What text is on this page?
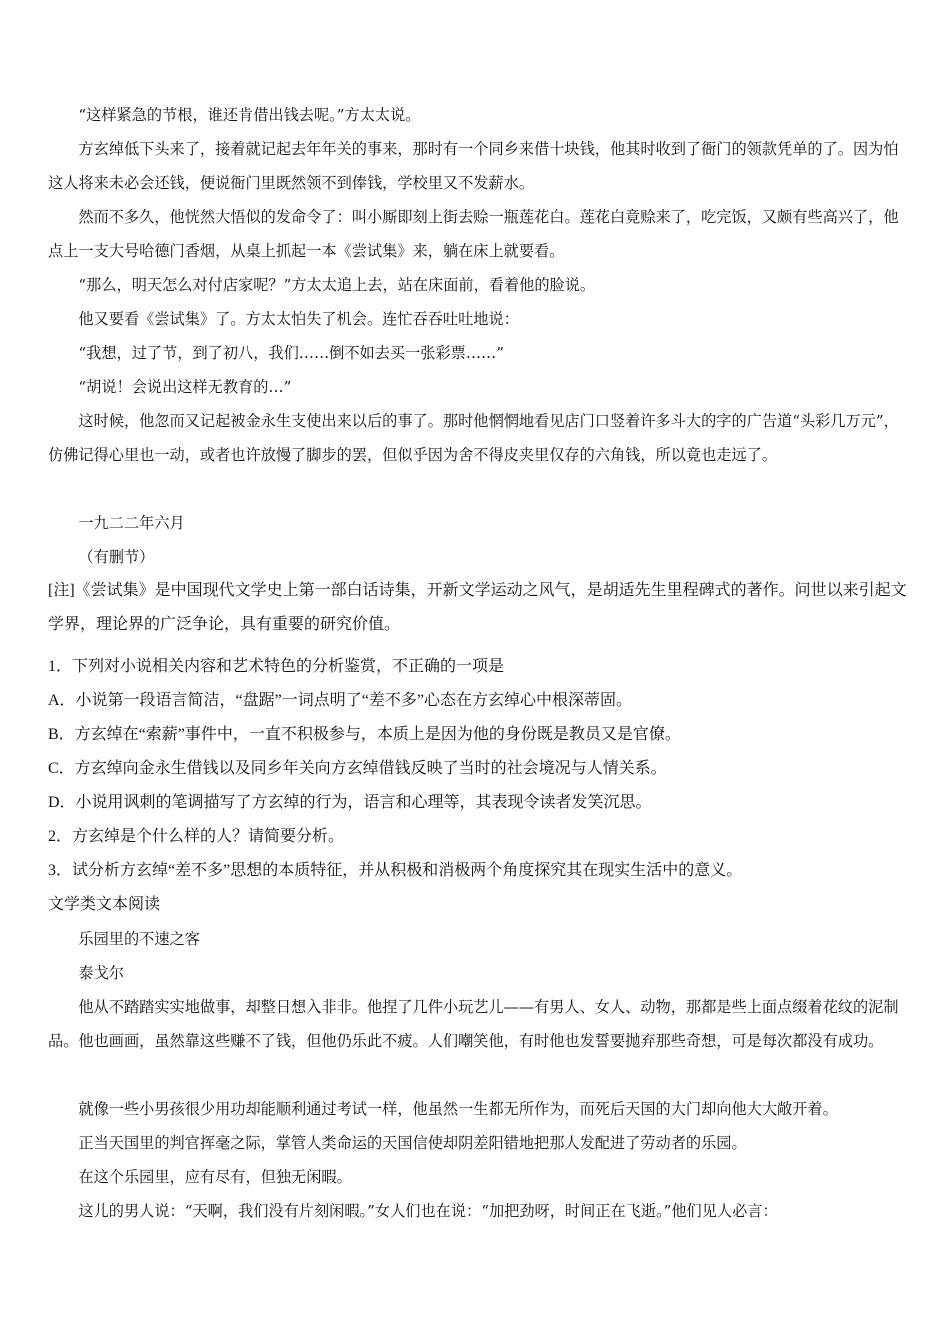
“这样紧急的节根，谁还肯借出钱去呢。”方太太说。

方玄绰低下头来了，接着就记起去年年关的事来，那时有一个同乡来借十块钱，他其时收到了衙门的领款凭单的了。因为怕这人将来未必会还钱，便说衙门里既然领不到俸钱，学校里又不发薪水。

然而不多久，他恍然大悟似的发命令了：叫小厮即刻上街去赊一瓶莲花白。莲花白竟赊来了，吃完饭，又颇有些高兴了，他点上一支大号哈德门香烟，从桌上抓起一本《尝试集》来，躺在床上就要看。

“那么，明天怎么对付店家呢？”方太太追上去，站在床面前，看着他的脸说。

他又要看《尝试集》了。方太太怕失了机会。连忙吞吞吐吐地说：

“我想，过了节，到了初八，我们……倒不如去买一张彩票……”

“胡说！会说出这样无教育的…”

这时候，他忽而又记起被金永生支使出来以后的事了。那时他惘惘地看见店门口竖着许多斗大的字的广告道“头彩几万元”，仿佛记得心里也一动，或者也许放慢了脚步的罢，但似乎因为舍不得皮夹里仅存的六角钱，所以竟也走远了。

一九二二年六月

（有删节）

[注]《尝试集》是中国现代文学史上第一部白话诗集，开新文学运动之风气，是胡适先生里程碑式的著作。问世以来引起文学界，理论界的广泛争论，具有重要的研究价值。

1．下列对小说相关内容和艺术特色的分析鉴赏，不正确的一项是

A．小说第一段语言简洁，“盘踞”一词点明了“差不多”心态在方玄绰心中根深蒂固。

B．方玄绰在“索薪”事件中，一直不积极参与，本质上是因为他的身份既是教员又是官僚。

C．方玄绰向金永生借钱以及同乡年关向方玄绰借钱反映了当时的社会境况与人情关系。

D．小说用讽刺的笔调描写了方玄绰的行为，语言和心理等，其表现令读者发笑沉思。

2．方玄绰是个什么样的人？请简要分析。

3．试分析方玄绰“差不多”思想的本质特征，并从积极和消极两个角度探究其在现实生活中的意义。

文学类文本阅读

乐园里的不速之客

泰戈尔

他从不踏踏实实地做事，却整日想入非非。他捏了几件小玩艺儿——有男人、女人、动物，那都是些上面点缀着花纹的泥制品。他也画画，虽然靠这些赚不了钱，但他仍乐此不疲。人们嘲笑他，有时他也发誓要抛弃那些奇想，可是每次都没有成功。

就像一些小男孩很少用功却能顺利通过考试一样，他虽然一生都无所作为，而死后天国的大门却向他大大敞开着。

正当天国里的判官挥毫之际，掌管人类命运的天国信使却阴差阳错地把那人发配进了劳动者的乐园。

在这个乐园里，应有尽有，但独无闲暇。

这儿的男人说：“天啊，我们没有片刻闲暇。”女人们也在说：“加把劲呀，时间正在飞逝。”他们见人必言：
